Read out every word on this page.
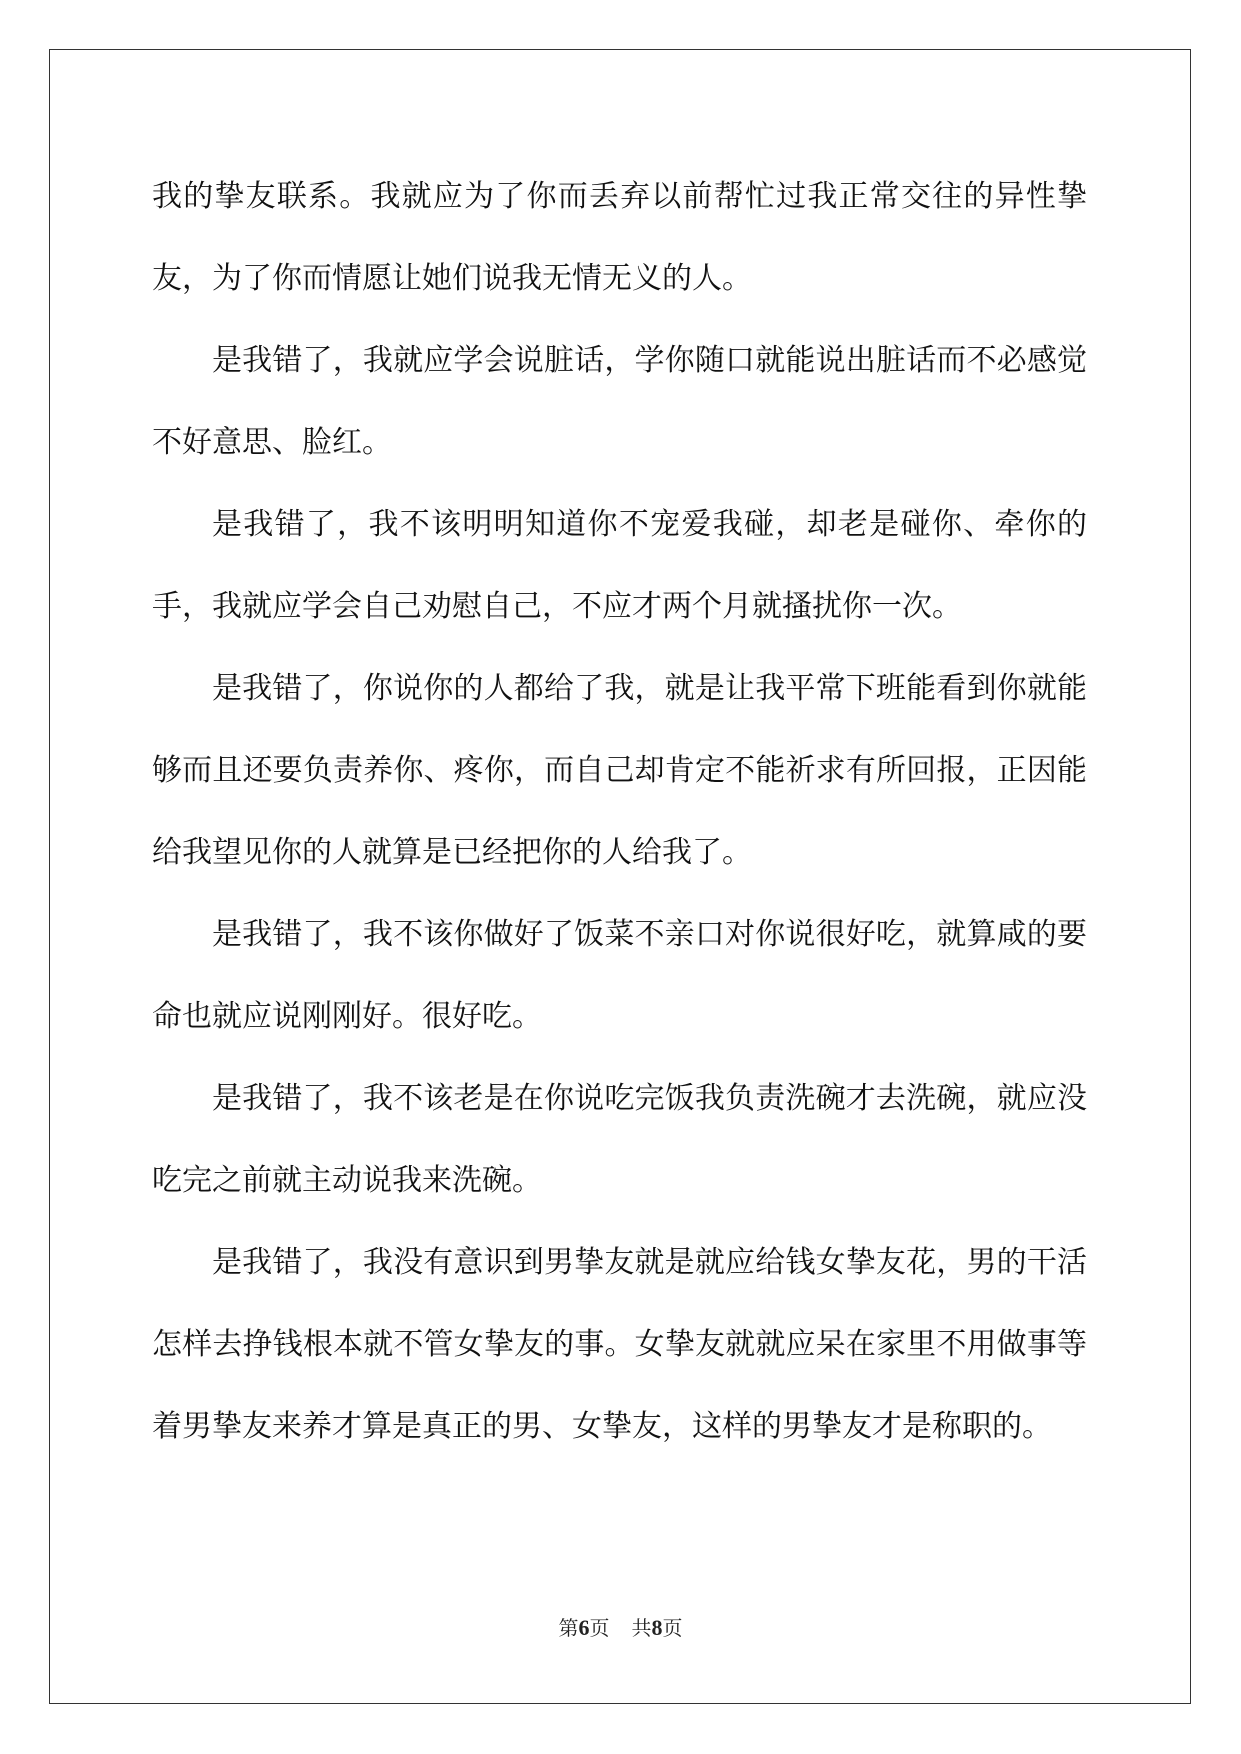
我的挚友联系。我就应为了你而丢弃以前帮忙过我正常交往的异性挚友，为了你而情愿让她们说我无情无义的人。

是我错了，我就应学会说脏话，学你随口就能说出脏话而不必感觉不好意思、脸红。

是我错了，我不该明明知道你不宠爱我碰，却老是碰你、牵你的手，我就应学会自己劝慰自己，不应才两个月就搔扰你一次。

是我错了，你说你的人都给了我，就是让我平常下班能看到你就能够而且还要负责养你、疼你，而自己却肯定不能祈求有所回报，正因能给我望见你的人就算是已经把你的人给我了。

是我错了，我不该你做好了饭菜不亲口对你说很好吃，就算咸的要命也就应说刚刚好。很好吃。

是我错了，我不该老是在你说吃完饭我负责洗碗才去洗碗，就应没吃完之前就主动说我来洗碗。

是我错了，我没有意识到男挚友就是就应给钱女挚友花，男的干活怎样去挣钱根本就不管女挚友的事。女挚友就就应呆在家里不用做事等着男挚友来养才算是真正的男、女挚友，这样的男挚友才是称职的。

第6页 共8页
